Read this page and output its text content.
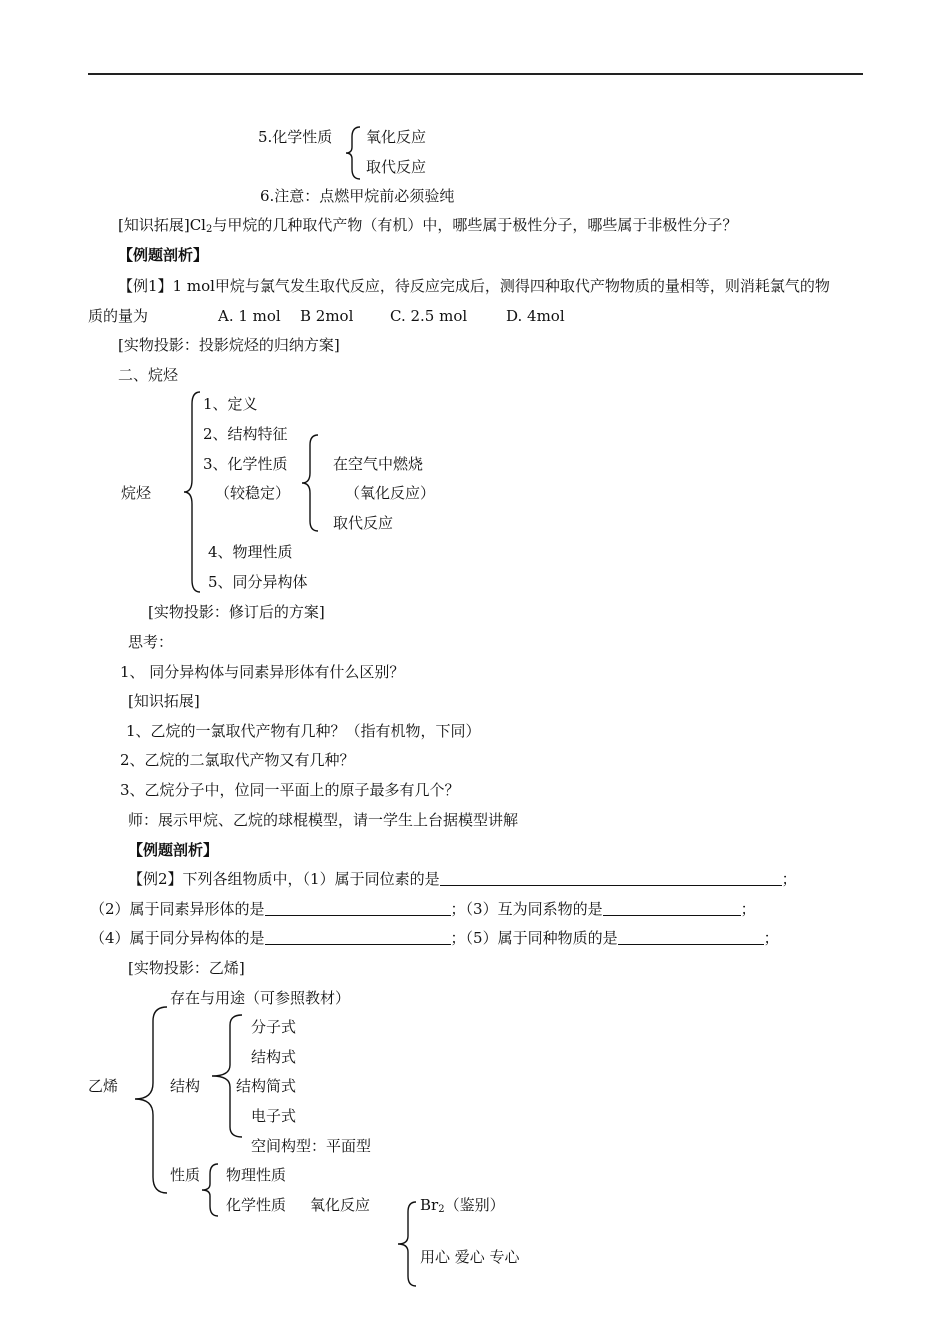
5.化学性质 氧化反应
取代反应
6.注意：点燃甲烷前必须验纯
[知识拓展]$Cl_2$与甲烷的几种取代产物（有机）中，哪些属于极性分子，哪些属于非极性分子？
【例题剖析】
【例1】1 mol甲烷与氯气发生取代反应，待反应完成后，测得四种取代产物物质的量相等，则消耗氯气的物
质的量为	A. 1 mol B 2mol C. 2.5 mol	D. 4mol
[实物投影：投影烷烃的归纳方案]
二、烷烃
烷烃
1、定义
2、结构特征
3、化学性质
（较稳定）
在空气中燃烧
（氧化反应）
取代反应
4、物理性质
5、同分异构体
[实物投影：修订后的方案]
思考：
1、 同分异构体与同素异形体有什么区别？
[知识拓展]
1、乙烷的一氯取代产物有几种？（指有机物，下同）
2、乙烷的二氯取代产物又有几种？
3、乙烷分子中，位同一平面上的原子最多有几个？
师：展示甲烷、乙烷的球棍模型，请一学生上台据模型讲解
【例题剖析】
【例2】下列各组物质中，（1）属于同位素的是	；
（2）属于同素异形体的是	；（3）互为同系物的是	；
（4）属于同分异构体的是	；（5）属于同种物质的是	；
[实物投影：乙烯]
乙烯
存在与用途（可参照教材）
结构
分子式
结构式
结构简式
电子式
空间构型：平面型
性质 物理性质
化学性质 氧化反应	$Br_2$（鉴别）
用心 爱心 专心
